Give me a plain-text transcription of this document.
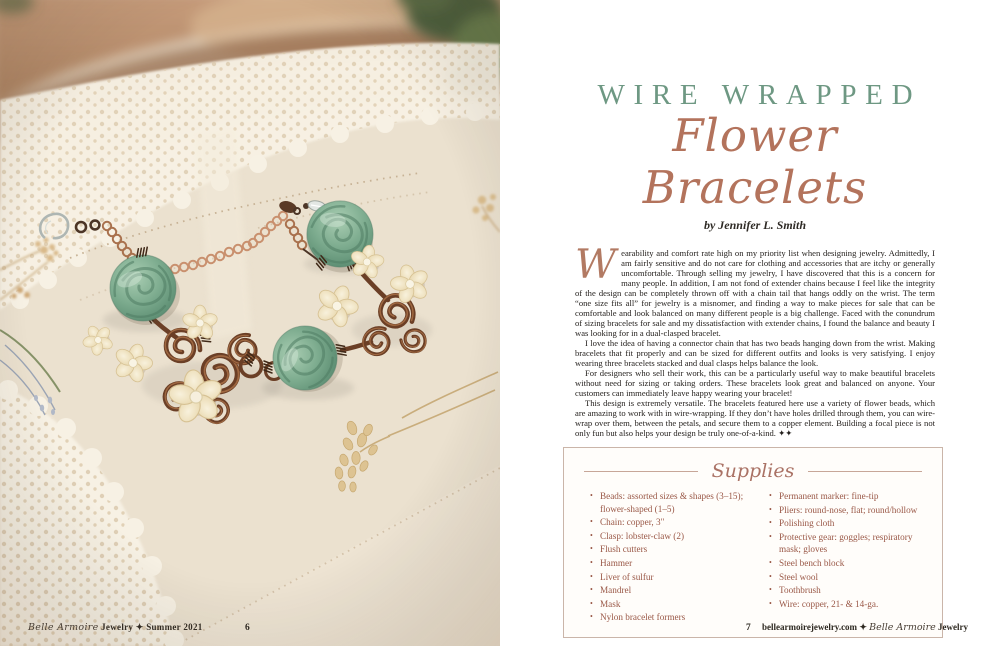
Belle Armoire Jewelry ✦ Summer 2021	6
WIRE WRAPPED
Flower Bracelets
by Jennifer L. Smith

Wearability and comfort rate high on my priority list when designing jewelry. Admittedly, I am fairly sensitive and do not care for clothing and accessories that are itchy or generally uncomfortable. Through selling my jewelry, I have discovered that this is a concern for many people. In addition, I am not fond of extender chains because I feel like the integrity of the design can be completely thrown off with a chain tail that hangs oddly on the wrist. The term “one size fits all” for jewelry is a misnomer, and finding a way to make pieces for sale that can be comfortable and look balanced on many different people is a big challenge. Faced with the conundrum of sizing bracelets for sale and my dissatisfaction with extender chains, I found the balance and beauty I was looking for in a dual-clasped bracelet.

I love the idea of having a connector chain that has two beads hanging down from the wrist. Making bracelets that fit properly and can be sized for different outfits and looks is very satisfying. I enjoy wearing three bracelets stacked and dual clasps helps balance the look.

For designers who sell their work, this can be a particularly useful way to make beautiful bracelets without need for sizing or taking orders. These bracelets look great and balanced on anyone. Your customers can immediately leave happy wearing your bracelet!

This design is extremely versatile. The bracelets featured here use a variety of flower beads, which are amazing to work with in wire-wrapping. If they don’t have holes drilled through them, you can wire-wrap over them, between the petals, and secure them to a copper element. Building a focal piece is not only fun but also helps your design be truly one-of-a-kind. ✦✦

Supplies
• Beads: assorted sizes & shapes (3–15); flower-shaped (1–5)
• Chain: copper, 3"
• Clasp: lobster-claw (2)
• Flush cutters
• Hammer
• Liver of sulfur
• Mandrel
• Mask
• Nylon bracelet formers
• Permanent marker: fine-tip
• Pliers: round-nose, flat; round/hollow
• Polishing cloth
• Protective gear: goggles; respiratory mask; gloves
• Steel bench block
• Steel wool
• Toothbrush
• Wire: copper, 21- & 14-ga.
7 bellearmoirejewelry.com ✦ Belle Armoire Jewelry
